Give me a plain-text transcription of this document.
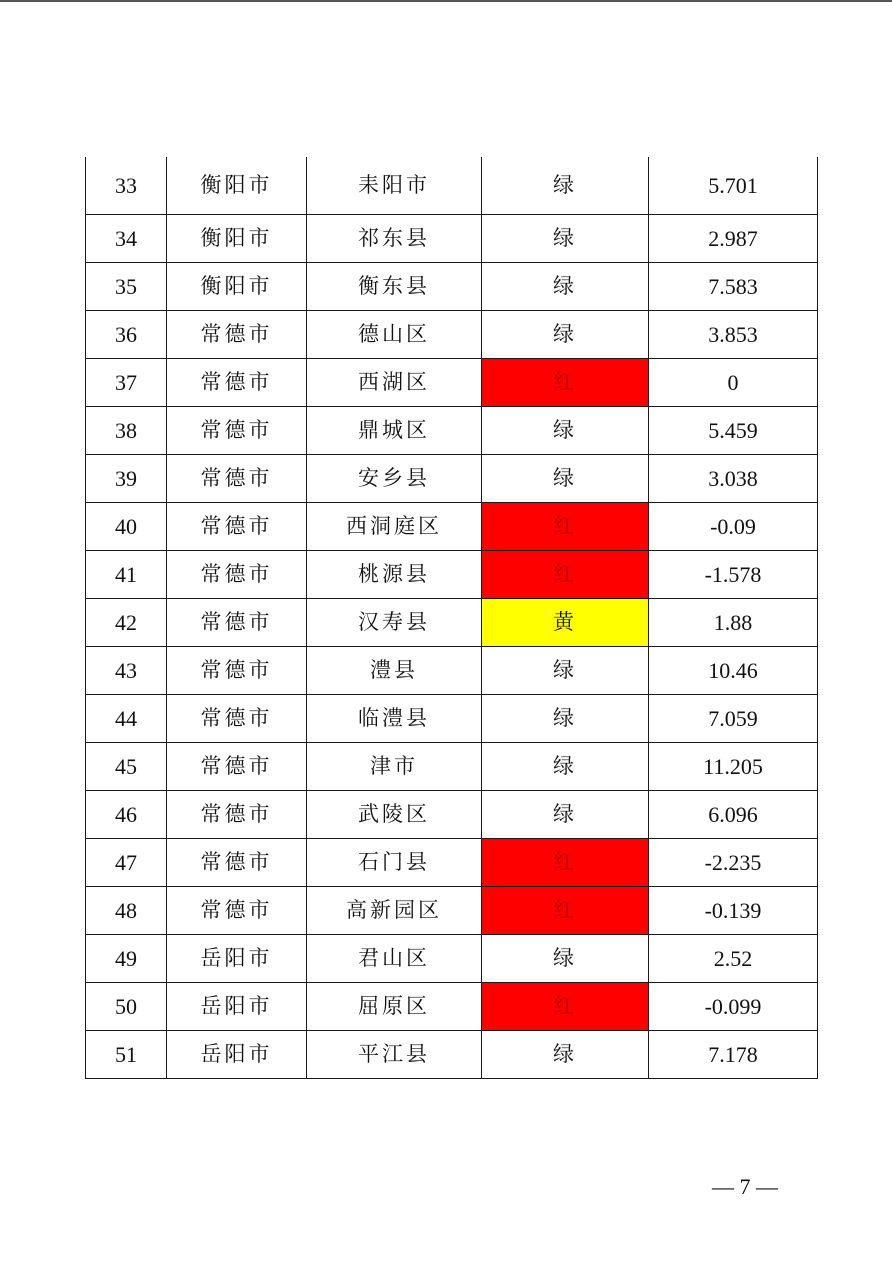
33	衡阳市	耒阳市	绿	5.701
34	衡阳市	祁东县	绿	2.987
35	衡阳市	衡东县	绿	7.583
36	常德市	德山区	绿	3.853
37	常德市	西湖区	红	0
38	常德市	鼎城区	绿	5.459
39	常德市	安乡县	绿	3.038
40	常德市	西洞庭区	红	-0.09
41	常德市	桃源县	红	-1.578
42	常德市	汉寿县	黄	1.88
43	常德市	澧县	绿	10.46
44	常德市	临澧县	绿	7.059
45	常德市	津市	绿	11.205
46	常德市	武陵区	绿	6.096
47	常德市	石门县	红	-2.235
48	常德市	高新园区	红	-0.139
49	岳阳市	君山区	绿	2.52
50	岳阳市	屈原区	红	-0.099
51	岳阳市	平江县	绿	7.178
— 7 —
